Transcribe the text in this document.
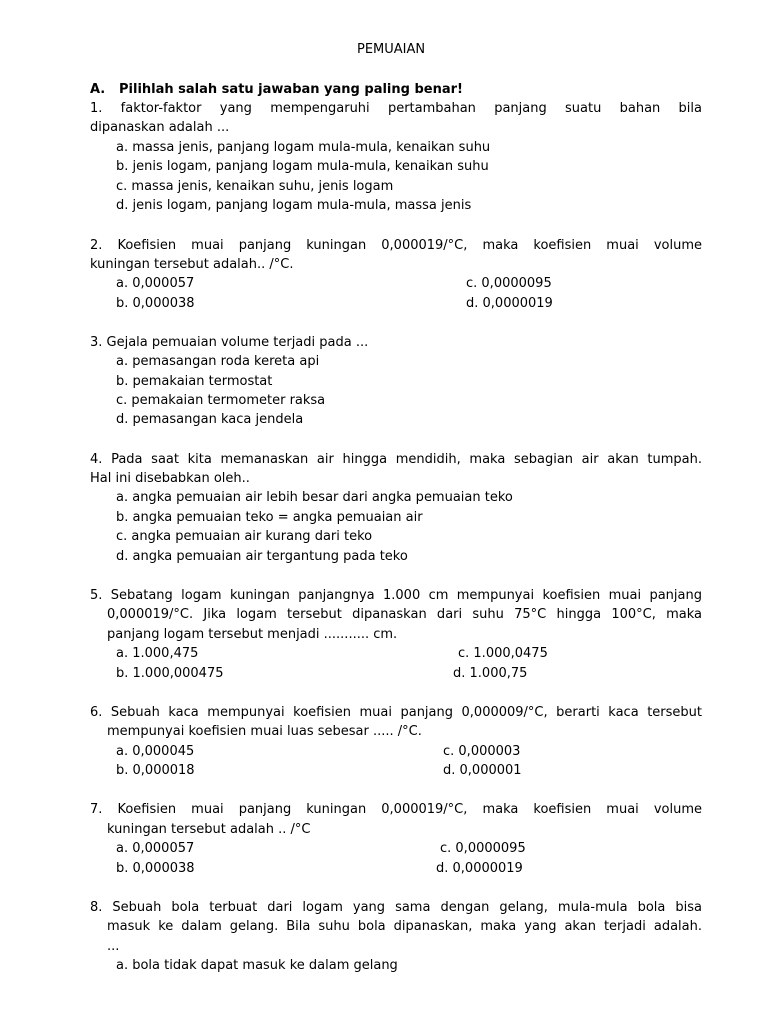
PEMUAIAN
A. Pilihlah salah satu jawaban yang paling benar!
1. faktor-faktor yang mempengaruhi pertambahan panjang suatu bahan bila
dipanaskan adalah ...
a. massa jenis, panjang logam mula-mula, kenaikan suhu
b. jenis logam, panjang logam mula-mula, kenaikan suhu
c. massa jenis, kenaikan suhu, jenis logam
d. jenis logam, panjang logam mula-mula, massa jenis
2. Koefisien muai panjang kuningan 0,000019/°C, maka koefisien muai volume
kuningan tersebut adalah.. /°C.
a. 0,000057	c. 0,0000095
b. 0,000038	d. 0,0000019
3. Gejala pemuaian volume terjadi pada ...
a. pemasangan roda kereta api
b. pemakaian termostat
c. pemakaian termometer raksa
d. pemasangan kaca jendela
4. Pada saat kita memanaskan air hingga mendidih, maka sebagian air akan tumpah.
Hal ini disebabkan oleh..
a. angka pemuaian air lebih besar dari angka pemuaian teko
b. angka pemuaian teko = angka pemuaian air
c. angka pemuaian air kurang dari teko
d. angka pemuaian air tergantung pada teko
5. Sebatang logam kuningan panjangnya 1.000 cm mempunyai koefisien muai panjang
0,000019/°C. Jika logam tersebut dipanaskan dari suhu 75°C hingga 100°C, maka
panjang logam tersebut menjadi ........... cm.
a. 1.000,475	c. 1.000,0475
b. 1.000,000475	d. 1.000,75
6. Sebuah kaca mempunyai koefisien muai panjang 0,000009/°C, berarti kaca tersebut
mempunyai koefisien muai luas sebesar ..... /°C.
a. 0,000045	c. 0,000003
b. 0,000018	d. 0,000001
7. Koefisien muai panjang kuningan 0,000019/°C, maka koefisien muai volume
kuningan tersebut adalah .. /°C
a. 0,000057	c. 0,0000095
b. 0,000038	d. 0,0000019
8. Sebuah bola terbuat dari logam yang sama dengan gelang, mula-mula bola bisa
masuk ke dalam gelang. Bila suhu bola dipanaskan, maka yang akan terjadi adalah.
...
a. bola tidak dapat masuk ke dalam gelang
